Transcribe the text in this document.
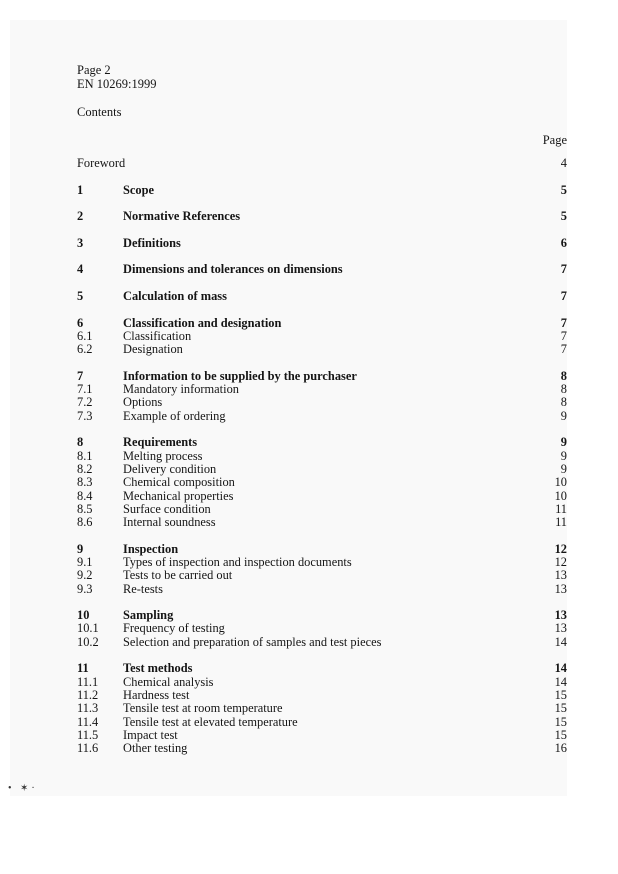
Page 2
EN 10269:1999
Contents
Page
Foreword	4
1	Scope	5
2	Normative References	5
3	Definitions	6
4	Dimensions and tolerances on dimensions	7
5	Calculation of mass	7
6	Classification and designation	7
6.1 Classification	7
6.2 Designation	7
7	Information to be supplied by the purchaser	8
7.1 Mandatory information	8
7.2 Options	8
7.3 Example of ordering	9
8	Requirements	9
8.1 Melting process	9
8.2 Delivery condition	9
8.3 Chemical composition	10
8.4 Mechanical properties	10
8.5 Surface condition	11
8.6 Internal soundness	11
9	Inspection	12
9.1 Types of inspection and inspection documents	12
9.2 Tests to be carried out	13
9.3 Re-tests	13
10	Sampling	13
10.1 Frequency of testing	13
10.2 Selection and preparation of samples and test pieces	14
11	Test methods	14
11.1 Chemical analysis	14
11.2 Hardness test	15
11.3 Tensile test at room temperature	15
11.4 Tensile test at elevated temperature	15
11.5 Impact test	15
11.6 Other testing	16
• ✶·
